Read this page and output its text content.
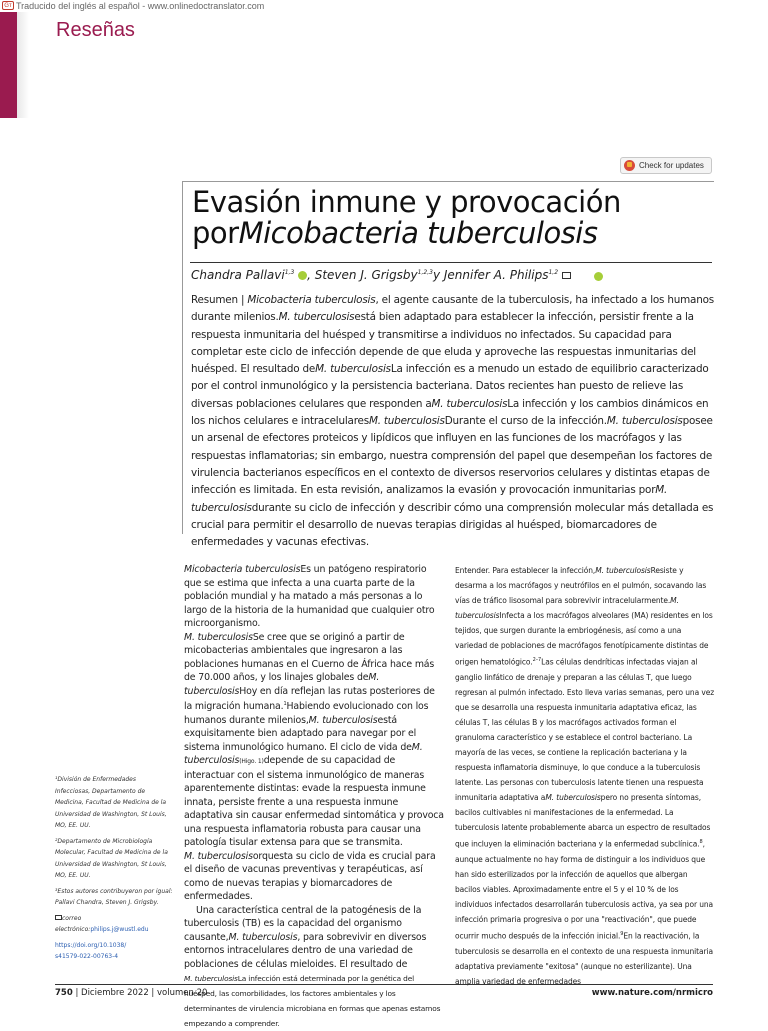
Gт Traducido del inglés al español - www.onlinedoctranslator.com
Reseñas
Check for updates
Evasión inmune y provocación
porMicobacteria tuberculosis
Chandra Pallavi$^{1,3}$ , Steven J. Grigsby$^{1,2,3}$y Jennifer A. Philips$^{1,2}$
Resumen | Micobacteria tuberculosis, el agente causante de la tuberculosis, ha infectado a los humanos durante milenios.M. tuberculosisestá bien adaptado para establecer la infección, persistir frente a la respuesta inmunitaria del huésped y transmitirse a individuos no infectados. Su capacidad para completar este ciclo de infección depende de que eluda y aproveche las respuestas inmunitarias del huésped. El resultado deM. tuberculosisLa infección es a menudo un estado de equilibrio caracterizado por el control inmunológico y la persistencia bacteriana. Datos recientes han puesto de relieve las diversas poblaciones celulares que responden aM. tuberculosisLa infección y los cambios dinámicos en los nichos celulares e intracelularesM. tuberculosisDurante el curso de la infección.M. tuberculosisposee un arsenal de efectores proteicos y lipídicos que influyen en las funciones de los macrófagos y las respuestas inflamatorias; sin embargo, nuestra comprensión del papel que desempeñan los factores de virulencia bacterianos específicos en el contexto de diversos reservorios celulares y distintas etapas de infección es limitada. En esta revisión, analizamos la evasión y provocación inmunitarias porM. tuberculosisdurante su ciclo de infección y describir cómo una comprensión molecular más detallada es crucial para permitir el desarrollo de nuevas terapias dirigidas al huésped, biomarcadores de enfermedades y vacunas efectivas.

Micobacteria tuberculosisEs un patógeno respiratorio que se estima que infecta a una cuarta parte de la población mundial y ha matado a más personas a lo largo de la historia de la humanidad que cualquier otro microorganismo.

M. tuberculosisSe cree que se originó a partir de micobacterias ambientales que ingresaron a las poblaciones humanas en el Cuerno de África hace más de 70.000 años, y los linajes globales deM. tuberculosisHoy en día reflejan las rutas posteriores de la migración humana.$^1$Habiendo evolucionado con los humanos durante milenios,M. tuberculosisestá exquisitamente bien adaptado para navegar por el sistema inmunológico humano. El ciclo de vida deM. tuberculosis(Higo. 1)depende de su capacidad de interactuar con el sistema inmunológico de maneras aparentemente distintas: evade la respuesta inmune innata, persiste frente a una respuesta inmune adaptativa sin causar enfermedad sintomática y provoca una respuesta inflamatoria robusta para causar una patología tisular extensa para que se transmita.

M. tuberculosisorquesta su ciclo de vida es crucial para el diseño de vacunas preventivas y terapéuticas, así como de nuevas terapias y biomarcadores de enfermedades.

Una característica central de la patogénesis de la tuberculosis (TB) es la capacidad del organismo causante,M. tuberculosis, para sobrevivir en diversos entornos intracelulares dentro de una variedad de poblaciones de células mieloides. El resultado de

M. tuberculosisLa infección está determinada por la genética del huésped, las comorbilidades, los factores ambientales y los determinantes de virulencia microbiana en formas que apenas estamos empezando a comprender.

Entender. Para establecer la infección,M. tuberculosisResiste y desarma a los macrófagos y neutrófilos en el pulmón, socavando las vías de tráfico lisosomal para sobrevivir intracelularmente.M. tuberculosisInfecta a los macrófagos alveolares (MA) residentes en los tejidos, que surgen durante la embriogénesis, así como a una variedad de poblaciones de macrófagos fenotípicamente distintas de origen hematológico.$^{2-7}$Las células dendríticas infectadas viajan al ganglio linfático de drenaje y preparan a las células T, que luego regresan al pulmón infectado. Esto lleva varias semanas, pero una vez que se desarrolla una respuesta inmunitaria adaptativa eficaz, las células T, las células B y los macrófagos activados forman el granuloma característico y se establece el control bacteriano. La mayoría de las veces, se contiene la replicación bacteriana y la respuesta inflamatoria disminuye, lo que conduce a la tuberculosis latente. Las personas con tuberculosis latente tienen una respuesta inmunitaria adaptativa aM. tuberculosispero no presenta síntomas, bacilos cultivables ni manifestaciones de la enfermedad. La tuberculosis latente probablemente abarca un espectro de resultados que incluyen la eliminación bacteriana y la enfermedad subclínica.$^8$, aunque actualmente no hay forma de distinguir a los individuos que han sido esterilizados por la infección de aquellos que albergan bacilos viables. Aproximadamente entre el 5 y el 10 % de los individuos infectados desarrollarán tuberculosis activa, ya sea por una infección primaria progresiva o por una "reactivación", que puede ocurrir mucho después de la infección inicial.$^9$En la reactivación, la tuberculosis se desarrolla en el contexto de una respuesta inmunitaria adaptativa previamente "exitosa" (aunque no esterilizante). Una amplia variedad de enfermedades

¹División de Enfermedades Infecciosas, Departamento de Medicina, Facultad de Medicina de la Universidad de Washington, St Louis, MO, EE. UU.

²Departamento de Microbiología Molecular, Facultad de Medicina de la Universidad de Washington, St Louis, MO, EE. UU.

³Estos autores contribuyeron por igual: Pallavi Chandra, Steven J. Grigsby.

correo electrónico:philips.j@wustl.edu

https://doi.org/10.1038/
s41579-022-00763-4

750 | Diciembre 2022 | volumen 20	www.nature.com/nrmicro
